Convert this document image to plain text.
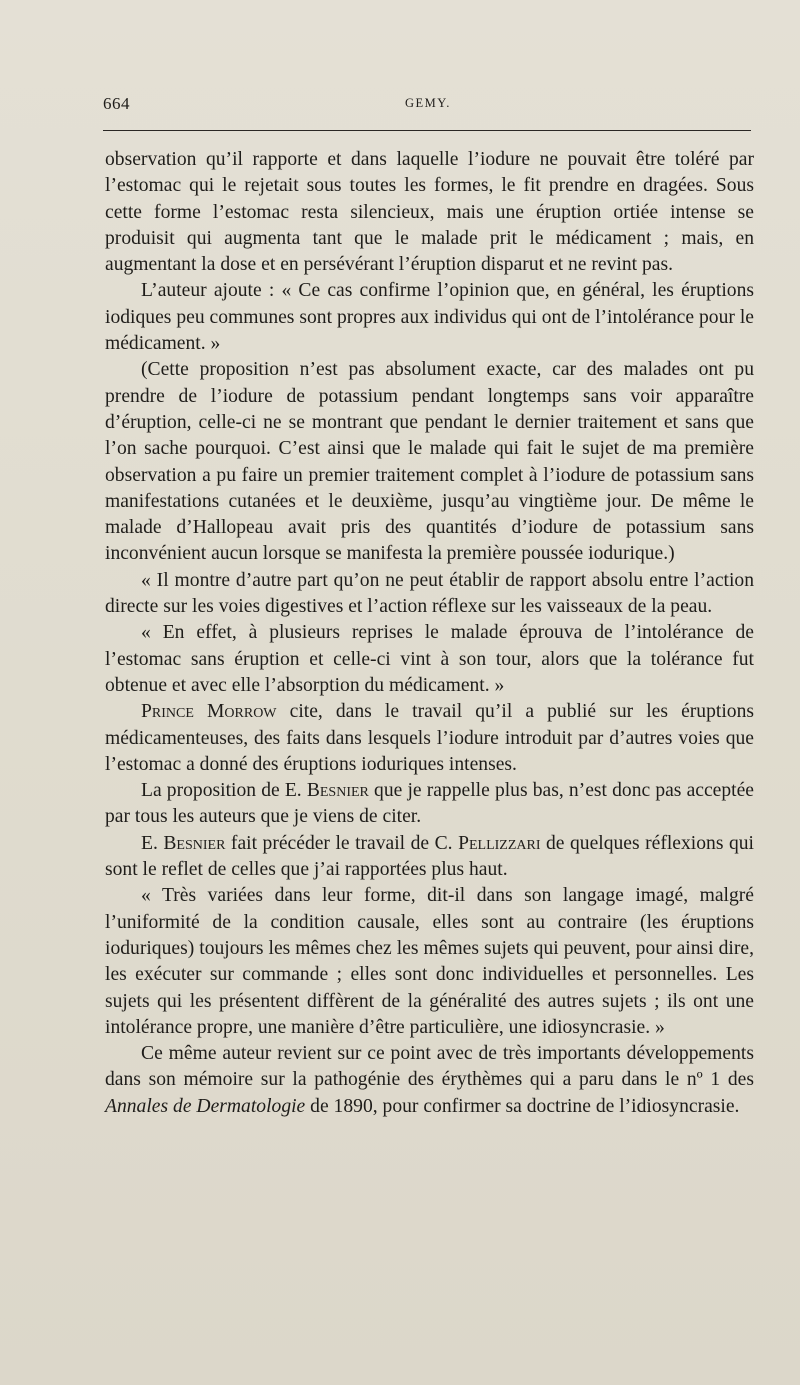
664	GEMY.

observation qu’il rapporte et dans laquelle l’iodure ne pouvait être toléré par l’estomac qui le rejetait sous toutes les formes, le fit prendre en dragées. Sous cette forme l’estomac resta silencieux, mais une éruption ortiée intense se produisit qui augmenta tant que le malade prit le médicament ; mais, en augmentant la dose et en persévérant l’éruption disparut et ne revint pas.

L’auteur ajoute : « Ce cas confirme l’opinion que, en général, les éruptions iodiques peu communes sont propres aux individus qui ont de l’intolérance pour le médicament. »

(Cette proposition n’est pas absolument exacte, car des malades ont pu prendre de l’iodure de potassium pendant longtemps sans voir apparaître d’éruption, celle-ci ne se montrant que pendant le dernier traitement et sans que l’on sache pourquoi. C’est ainsi que le malade qui fait le sujet de ma première observation a pu faire un premier traitement complet à l’iodure de potassium sans manifestations cutanées et le deuxième, jusqu’au vingtième jour. De même le malade d’Hallopeau avait pris des quantités d’iodure de potassium sans inconvénient aucun lorsque se manifesta la première poussée iodurique.)

« Il montre d’autre part qu’on ne peut établir de rapport absolu entre l’action directe sur les voies digestives et l’action réflexe sur les vaisseaux de la peau.

« En effet, à plusieurs reprises le malade éprouva de l’intolérance de l’estomac sans éruption et celle-ci vint à son tour, alors que la tolérance fut obtenue et avec elle l’absorption du médicament. »

Prince Morrow cite, dans le travail qu’il a publié sur les éruptions médicamenteuses, des faits dans lesquels l’iodure introduit par d’autres voies que l’estomac a donné des éruptions ioduriques intenses.

La proposition de E. Besnier que je rappelle plus bas, n’est donc pas acceptée par tous les auteurs que je viens de citer.

E. Besnier fait précéder le travail de C. Pellizzari de quelques réflexions qui sont le reflet de celles que j’ai rapportées plus haut.

« Très variées dans leur forme, dit-il dans son langage imagé, malgré l’uniformité de la condition causale, elles sont au contraire (les éruptions ioduriques) toujours les mêmes chez les mêmes sujets qui peuvent, pour ainsi dire, les exécuter sur commande ; elles sont donc individuelles et personnelles. Les sujets qui les présentent diffèrent de la généralité des autres sujets ; ils ont une intolérance propre, une manière d’être particulière, une idiosyncrasie. »

Ce même auteur revient sur ce point avec de très importants développements dans son mémoire sur la pathogénie des érythèmes qui a paru dans le nº 1 des Annales de Dermatologie de 1890, pour confirmer sa doctrine de l’idiosyncrasie.
